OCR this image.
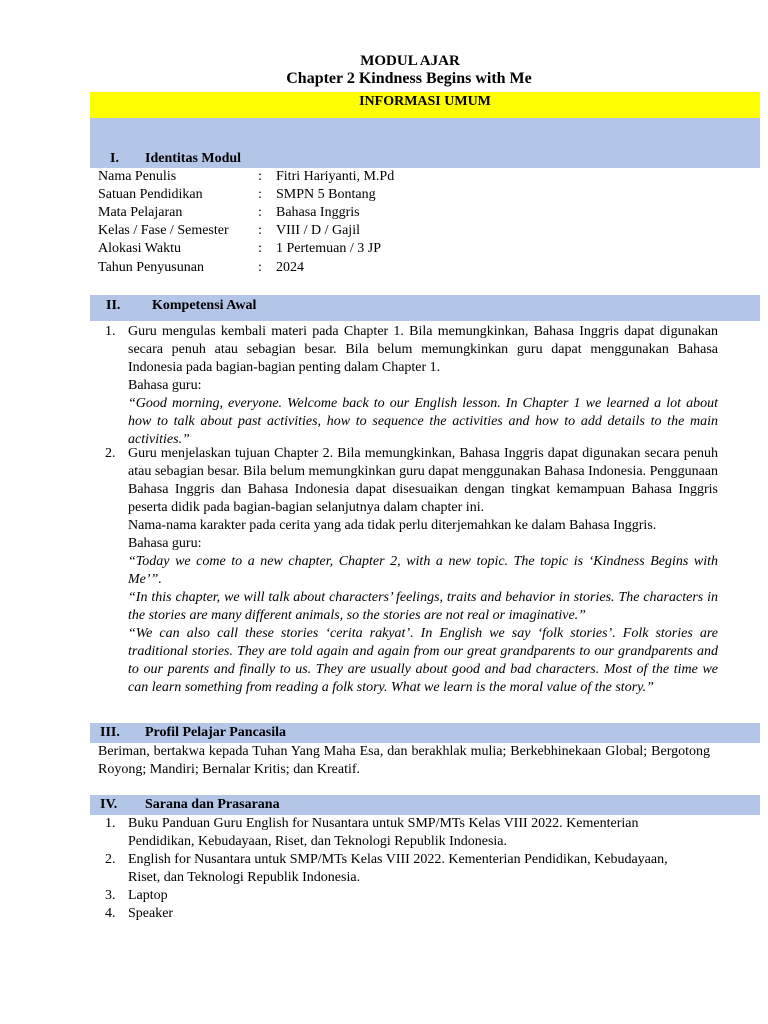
MODUL AJAR
Chapter 2 Kindness Begins with Me
INFORMASI UMUM
I. Identitas Modul
Nama Penulis	: Fitri Hariyanti, M.Pd
Satuan Pendidikan	: SMPN 5 Bontang
Mata Pelajaran	: Bahasa Inggris
Kelas / Fase / Semester : VIII / D / Gajil
Alokasi Waktu	: 1 Pertemuan / 3 JP
Tahun Penyusunan	: 2024
II. Kompetensi Awal
1. Guru mengulas kembali materi pada Chapter 1. Bila memungkinkan, Bahasa Inggris dapat digunakan secara penuh atau sebagian besar. Bila belum memungkinkan guru dapat menggunakan Bahasa Indonesia pada bagian-bagian penting dalam Chapter 1.
Bahasa guru:
“Good morning, everyone. Welcome back to our English lesson. In Chapter 1 we learned a lot about how to talk about past activities, how to sequence the activities and how to add details to the main activities.”
2. Guru menjelaskan tujuan Chapter 2. Bila memungkinkan, Bahasa Inggris dapat digunakan secara penuh atau sebagian besar. Bila belum memungkinkan guru dapat menggunakan Bahasa Indonesia. Penggunaan Bahasa Inggris dan Bahasa Indonesia dapat disesuaikan dengan tingkat kemampuan Bahasa Inggris peserta didik pada bagian-bagian selanjutnya dalam chapter ini.
Nama-nama karakter pada cerita yang ada tidak perlu diterjemahkan ke dalam Bahasa Inggris.
Bahasa guru:
“Today we come to a new chapter, Chapter 2, with a new topic. The topic is ‘Kindness Begins with Me’”.
“In this chapter, we will talk about characters’ feelings, traits and behavior in stories. The characters in the stories are many different animals, so the stories are not real or imaginative.”
“We can also call these stories ‘cerita rakyat’. In English we say ‘folk stories’. Folk stories are traditional stories. They are told again and again from our great grandparents to our grandparents and to our parents and finally to us. They are usually about good and bad characters. Most of the time we can learn something from reading a folk story. What we learn is the moral value of the story.”
III. Profil Pelajar Pancasila
Beriman, bertakwa kepada Tuhan Yang Maha Esa, dan berakhlak mulia; Berkebhinekaan Global; Bergotong Royong; Mandiri; Bernalar Kritis; dan Kreatif.
IV. Sarana dan Prasarana
1. Buku Panduan Guru English for Nusantara untuk SMP/MTs Kelas VIII 2022. Kementerian Pendidikan, Kebudayaan, Riset, dan Teknologi Republik Indonesia.
2. English for Nusantara untuk SMP/MTs Kelas VIII 2022. Kementerian Pendidikan, Kebudayaan, Riset, dan Teknologi Republik Indonesia.
3. Laptop
4. Speaker
